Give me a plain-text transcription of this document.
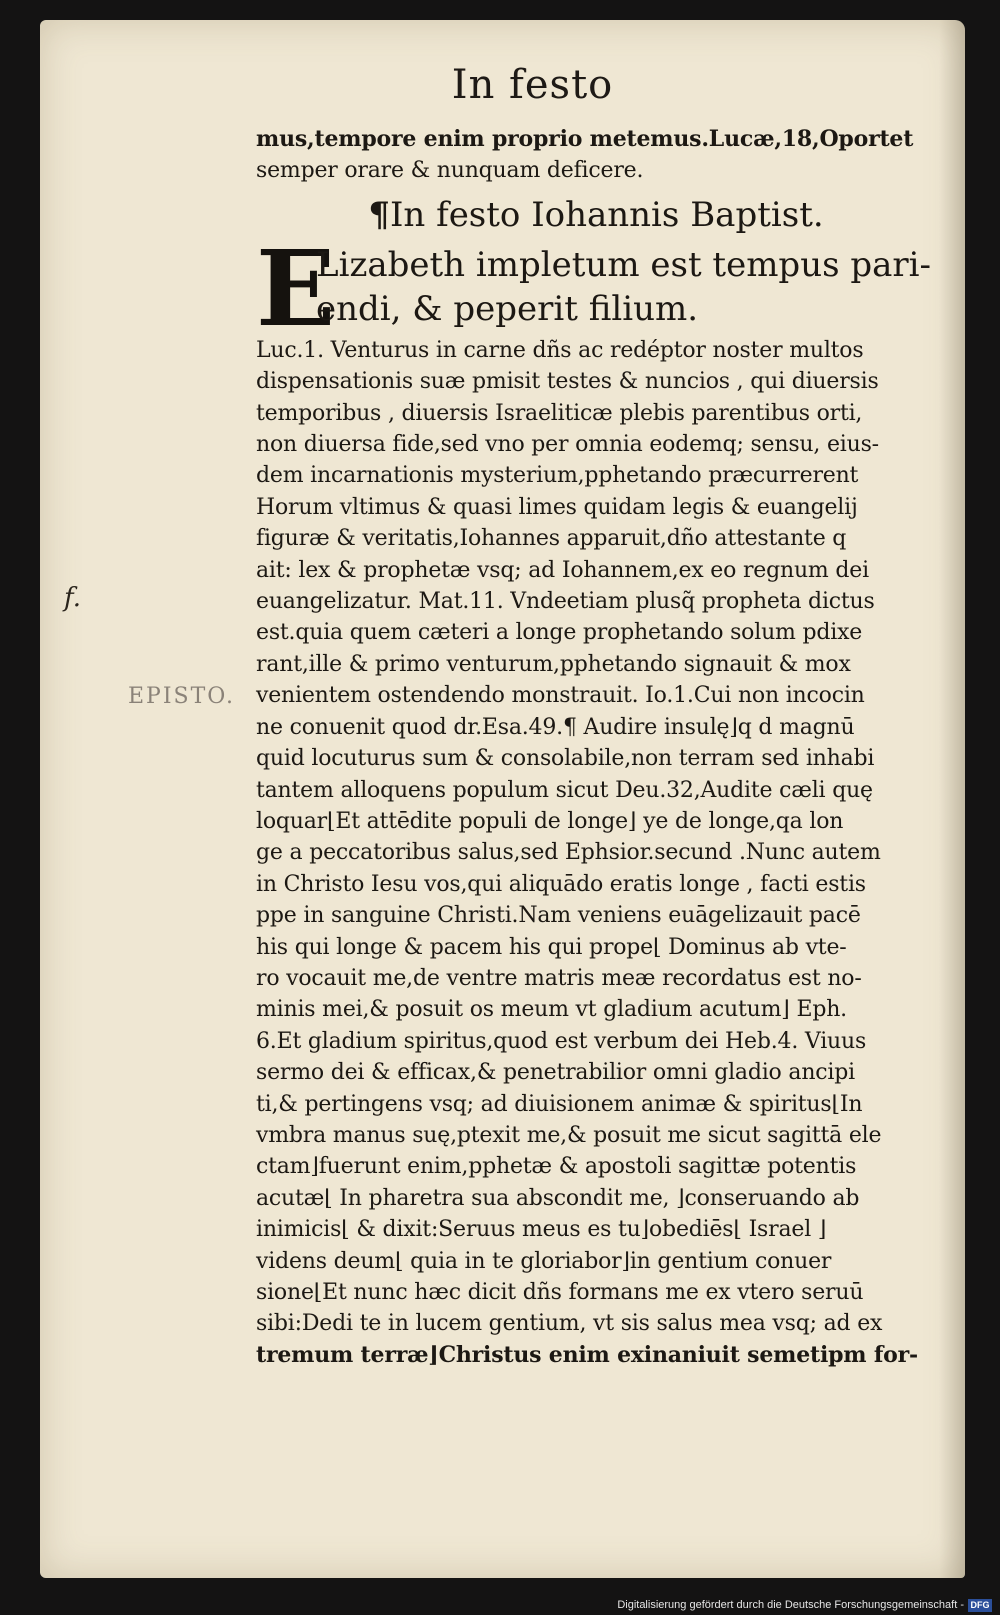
In festo
f.
EPISTO.
mus,tempore enim proprio metemus.Lucæ,18,Oportet
semper orare & nunquam deficere.
¶In festo Iohannis Baptist.
E
Lizabeth impletum est tempus pari-
endi, & peperit filium.
Luc.1. Venturus in carne dñs ac redéptor noster multos
dispensationis suæ pmisit testes & nuncios , qui diuersis
temporibus , diuersis Israeliticæ plebis parentibus orti,
non diuersa fide,sed vno per omnia eodemq; sensu, eius-
dem incarnationis mysterium,pphetando præcurrerent
Horum vltimus & quasi limes quidam legis & euangelij
figuræ & veritatis,Iohannes apparuit,dño attestante q
ait: lex & prophetæ vsq; ad Iohannem,ex eo regnum dei
euangelizatur. Mat.11. Vndeetiam plusq̃ propheta dictus
est.quia quem cæteri a longe prophetando solum pdixe
rant,ille & primo venturum,pphetando signauit & mox
venientem ostendendo monstrauit. Io.1.Cui non incocin
ne conuenit quod dr.Esa.49.¶ Audire insulę⌋q d magnū
quid locuturus sum & consolabile,non terram sed inhabi
tantem alloquens populum sicut Deu.32,Audite cæli quę
loquar⌊Et attēdite populi de longe⌋ ye de longe,qa lon
ge a peccatoribus salus,sed Ephsior.secund .Nunc autem
in Christo Iesu vos,qui aliquādo eratis longe , facti estis
ppe in sanguine Christi.Nam veniens euāgelizauit pacē
his qui longe & pacem his qui prope⌊ Dominus ab vte-
ro vocauit me,de ventre matris meæ recordatus est no-
minis mei,& posuit os meum vt gladium acutum⌋ Eph.
6.Et gladium spiritus,quod est verbum dei Heb.4. Viuus
sermo dei & efficax,& penetrabilior omni gladio ancipi
ti,& pertingens vsq; ad diuisionem animæ & spiritus⌊In
vmbra manus suę,ptexit me,& posuit me sicut sagittā ele
ctam⌋fuerunt enim,pphetæ & apostoli sagittæ potentis
acutæ⌊ In pharetra sua abscondit me, ⌋conseruando ab
inimicis⌊ & dixit:Seruus meus es tu⌋obediēs⌊ Israel ⌋
videns deum⌊ quia in te gloriabor⌋in gentium conuer
sione⌊Et nunc hæc dicit dñs formans me ex vtero seruū
sibi:Dedi te in lucem gentium, vt sis salus mea vsq; ad ex
tremum terræ⌋Christus enim exinaniuit semetipm for-
Digitalisierung gefördert durch die Deutsche Forschungsgemeinschaft - DFG
